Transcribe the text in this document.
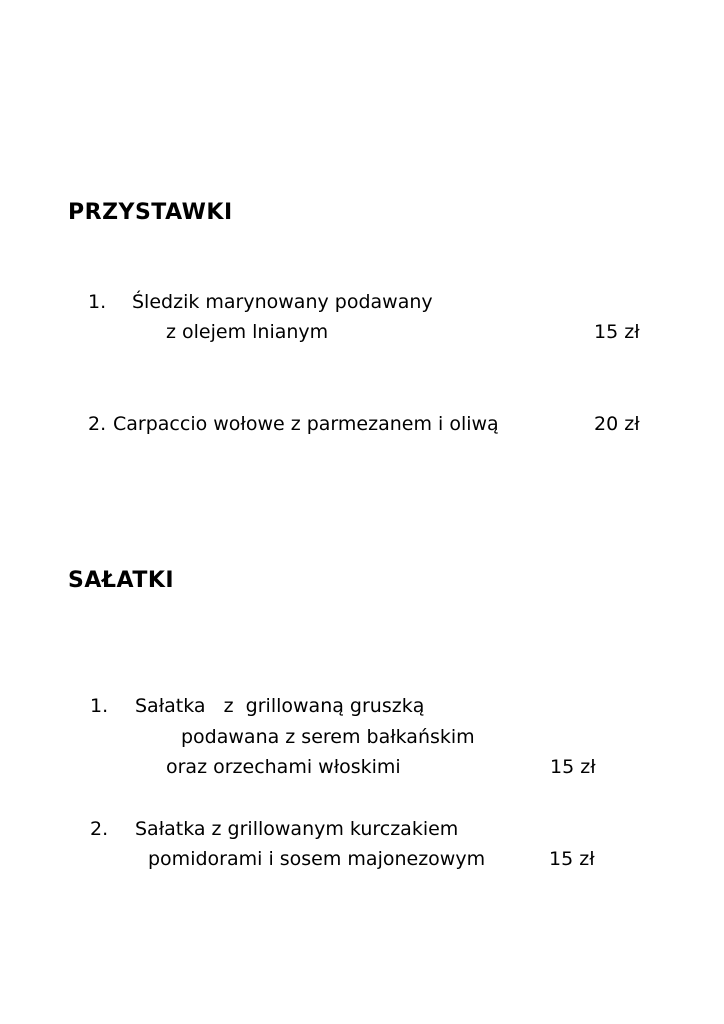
PRZYSTAWKI
1. Śledzik marynowany podawany
z olejem lnianym	15 zł
2. Carpaccio wołowe z parmezanem i oliwą	20 zł
SAŁATKI
1. Sałatka   z  grillowaną gruszką
podawana z serem bałkańskim
oraz orzechami włoskimi	15 zł
2. Sałatka z grillowanym kurczakiem
pomidorami i sosem majonezowym	15 zł
